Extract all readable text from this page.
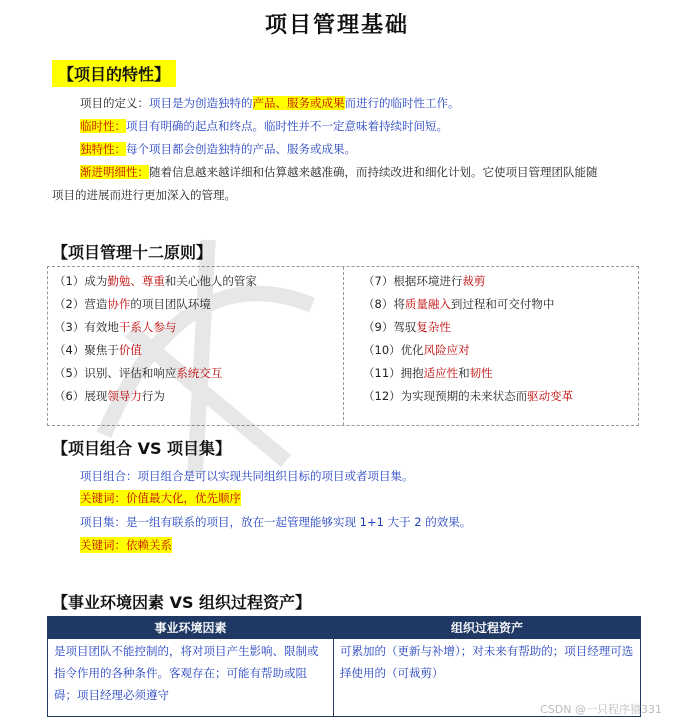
项目管理基础
【项目的特性】
项目的定义：项目是为创造独特的产品、服务或成果而进行的临时性工作。
临时性：项目有明确的起点和终点。临时性并不一定意味着持续时间短。
独特性：每个项目都会创造独特的产品、服务或成果。
渐进明细性：随着信息越来越详细和估算越来越准确，而持续改进和细化计划。它使项目管理团队能随
项目的进展而进行更加深入的管理。
【项目管理十二原则】
（1）成为勤勉、尊重和关心他人的管家
（2）营造协作的项目团队环境
（3）有效地干系人参与
（4）聚焦于价值
（5）识别、评估和响应系统交互
（6）展现领导力行为
（7）根据环境进行裁剪
（8）将质量融入到过程和可交付物中
（9）驾驭复杂性
（10）优化风险应对
（11）拥抱适应性和韧性
（12）为实现预期的未来状态而驱动变革
【项目组合 VS 项目集】
项目组合：项目组合是可以实现共同组织目标的项目或者项目集。
关键词：价值最大化，优先顺序
项目集：是一组有联系的项目，放在一起管理能够实现 1+1 大于 2 的效果。
关键词：依赖关系
【事业环境因素 VS 组织过程资产】
事业环境因素	组织过程资产
是项目团队不能控制的，将对项目产生影响、限制或指令作用的各种条件。客观存在；可能有帮助或阻碍；项目经理必须遵守	可累加的（更新与补增）；对未来有帮助的；项目经理可选择使用的（可裁剪）
CSDN @一只程序猿331
